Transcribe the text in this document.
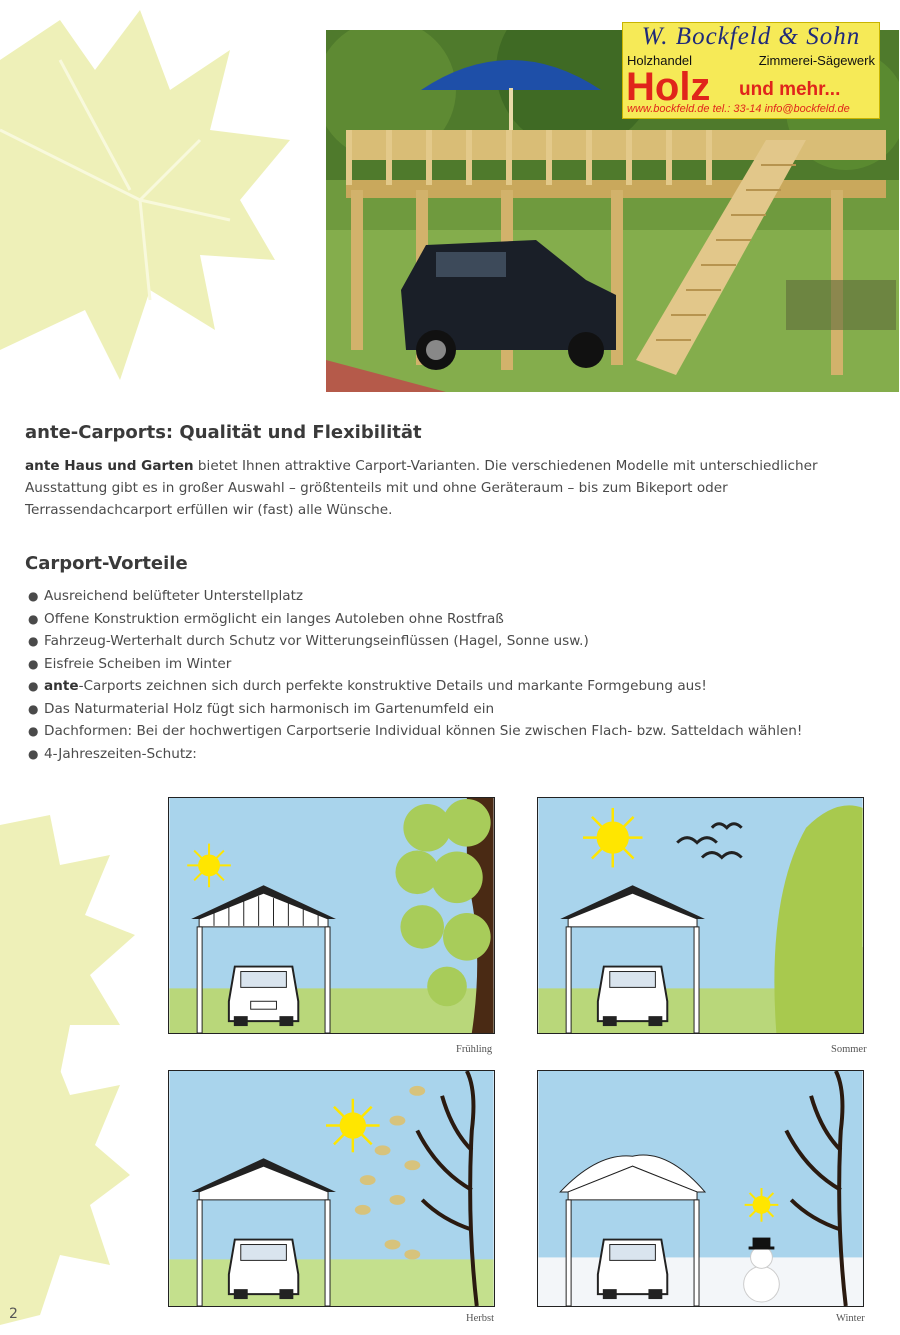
W. Bockfeld & Sohn
Holzhandel	Zimmerei-Sägewerk
Holz und mehr...
www.bockfeld.de tel.: 33-14 info@bockfeld.de
ante-Carports: Qualität und Flexibilität

ante Haus und Garten bietet Ihnen attraktive Carport-Varianten. Die verschiedenen Modelle mit unterschiedlicher Ausstattung gibt es in großer Auswahl – größtenteils mit und ohne Geräteraum – bis zum Bikeport oder Terrassendachcarport erfüllen wir (fast) alle Wünsche.

Carport-Vorteile
● Ausreichend belüfteter Unterstellplatz
● Offene Konstruktion ermöglicht ein langes Autoleben ohne Rostfraß
● Fahrzeug-Werterhalt durch Schutz vor Witterungseinflüssen (Hagel, Sonne usw.)
● Eisfreie Scheiben im Winter
● ante-Carports zeichnen sich durch perfekte konstruktive Details und markante Formgebung aus!
● Das Naturmaterial Holz fügt sich harmonisch im Gartenumfeld ein
● Dachformen: Bei der hochwertigen Carportserie Individual können Sie zwischen Flach- bzw. Satteldach wählen!
● 4-Jahreszeiten-Schutz:
Frühling	Sommer
Herbst	Winter
2
